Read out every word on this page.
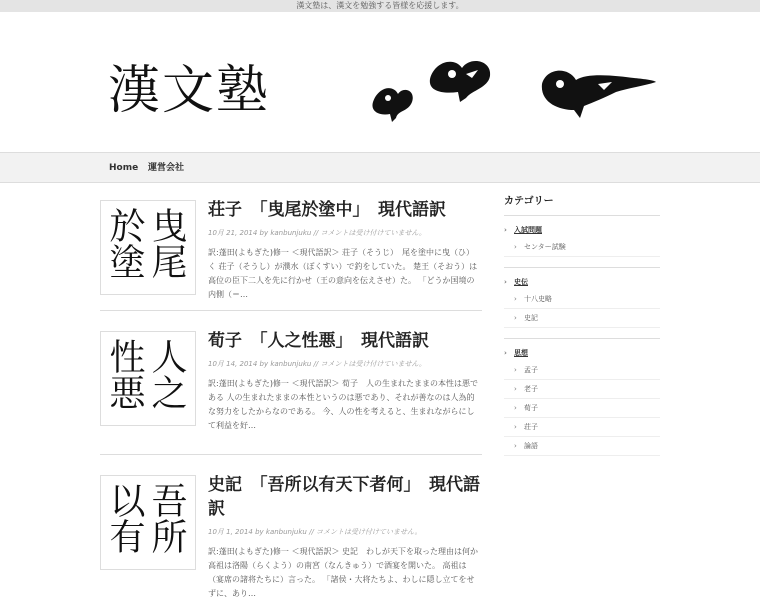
漢文塾は、漢文を勉強する皆様を応援します。
漢文塾
Home 運営会社
曳尾於塗	荘子　「曳尾於塗中」　現代語訳
10月 21, 2014 by kanbunjuku // コメントは受け付けていません。
訳:蓬田(よもぎた)修一 ＜現代語訳＞ 荘子（そうじ）　尾を塗中に曳（ひ）く 荘子（そうし）が濮水（ぼくすい）で釣をしていた。 楚王（そおう）は高位の臣下二人を先に行かせ（王の意向を伝えさせ）た。 「どうか国境の内側（＝…
人之性悪	荀子　「人之性悪」　現代語訳
10月 14, 2014 by kanbunjuku // コメントは受け付けていません。
訳:蓬田(よもぎた)修一 ＜現代語訳＞ 荀子　人の生まれたままの本性は悪である 人の生まれたままの本性というのは悪であり、それが善なのは人為的な努力をしたからなのである。 今、人の性を考えると、生まれながらにして利益を好…
吾所以有	史記　「吾所以有天下者何」　現代語訳
10月 1, 2014 by kanbunjuku // コメントは受け付けていません。
訳:蓬田(よもぎた)修一 ＜現代語訳＞ 史記　わしが天下を取った理由は何か 高祖は洛陽（らくよう）の南宮（なんきゅう）で酒宴を開いた。 高祖は（宴席の諸将たちに）言った。 「諸侯・大将たちよ、わしに隠し立てをせずに、あり…
カテゴリー
› 入試問題
› センター試験
› 史伝
› 十八史略
› 史記
› 思想
› 孟子
› 老子
› 荀子
› 荘子
› 論語
